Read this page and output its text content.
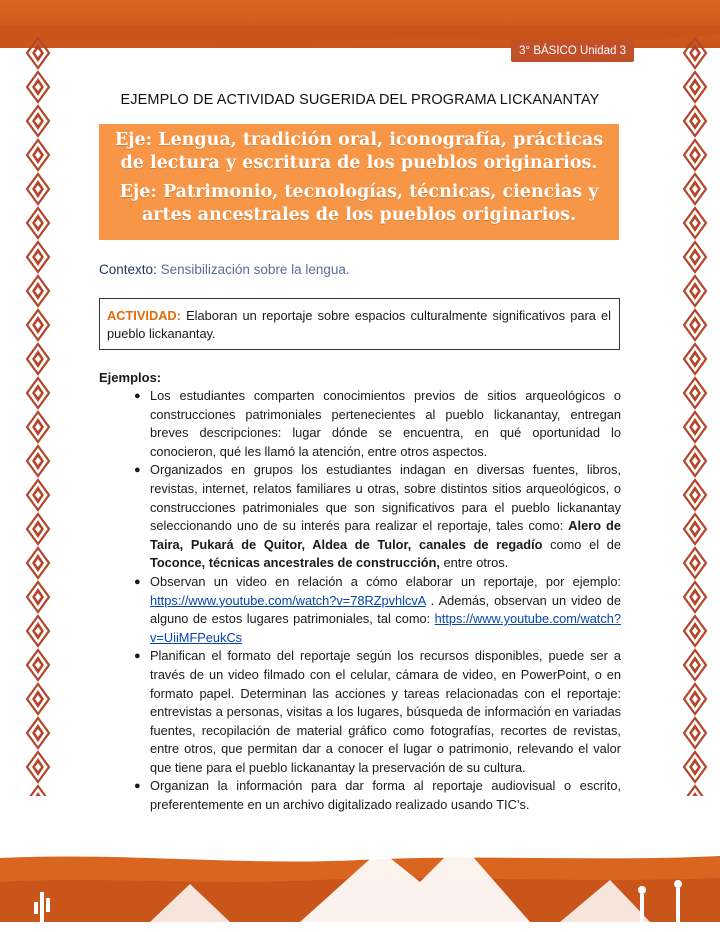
3° BÁSICO Unidad 3
EJEMPLO DE ACTIVIDAD SUGERIDA DEL PROGRAMA LICKANANTAY

Eje: Lengua, tradición oral, iconografía, prácticas de lectura y escritura de los pueblos originarios.

Eje: Patrimonio, tecnologías, técnicas, ciencias y artes ancestrales de los pueblos originarios.

Contexto: Sensibilización sobre la lengua.
ACTIVIDAD: Elaboran un reportaje sobre espacios culturalmente significativos para el pueblo lickanantay.
Ejemplos:
● Los estudiantes comparten conocimientos previos de sitios arqueológicos o construcciones patrimoniales pertenecientes al pueblo lickanantay, entregan breves descripciones: lugar dónde se encuentra, en qué oportunidad lo conocieron, qué les llamó la atención, entre otros aspectos.
● Organizados en grupos los estudiantes indagan en diversas fuentes, libros, revistas, internet, relatos familiares u otras, sobre distintos sitios arqueológicos, o construcciones patrimoniales que son significativos para el pueblo lickanantay seleccionando uno de su interés para realizar el reportaje, tales como: Alero de Taira, Pukará de Quitor, Aldea de Tulor, canales de regadío como el de Toconce, técnicas ancestrales de construcción, entre otros.
● Observan un video en relación a cómo elaborar un reportaje, por ejemplo: https://www.youtube.com/watch?v=78RZpvhlcvA . Además, observan un video de alguno de estos lugares patrimoniales, tal como: https://www.youtube.com/watch?v=UiiMFPeukCs
● Planifican el formato del reportaje según los recursos disponibles, puede ser a través de un video filmado con el celular, cámara de video, en PowerPoint, o en formato papel. Determinan las acciones y tareas relacionadas con el reportaje: entrevistas a personas, visitas a los lugares, búsqueda de información en variadas fuentes, recopilación de material gráfico como fotografías, recortes de revistas, entre otros, que permitan dar a conocer el lugar o patrimonio, relevando el valor que tiene para el pueblo lickanantay la preservación de su cultura.
● Organizan la información para dar forma al reportaje audiovisual o escrito, preferentemente en un archivo digitalizado realizado usando TIC’s.
